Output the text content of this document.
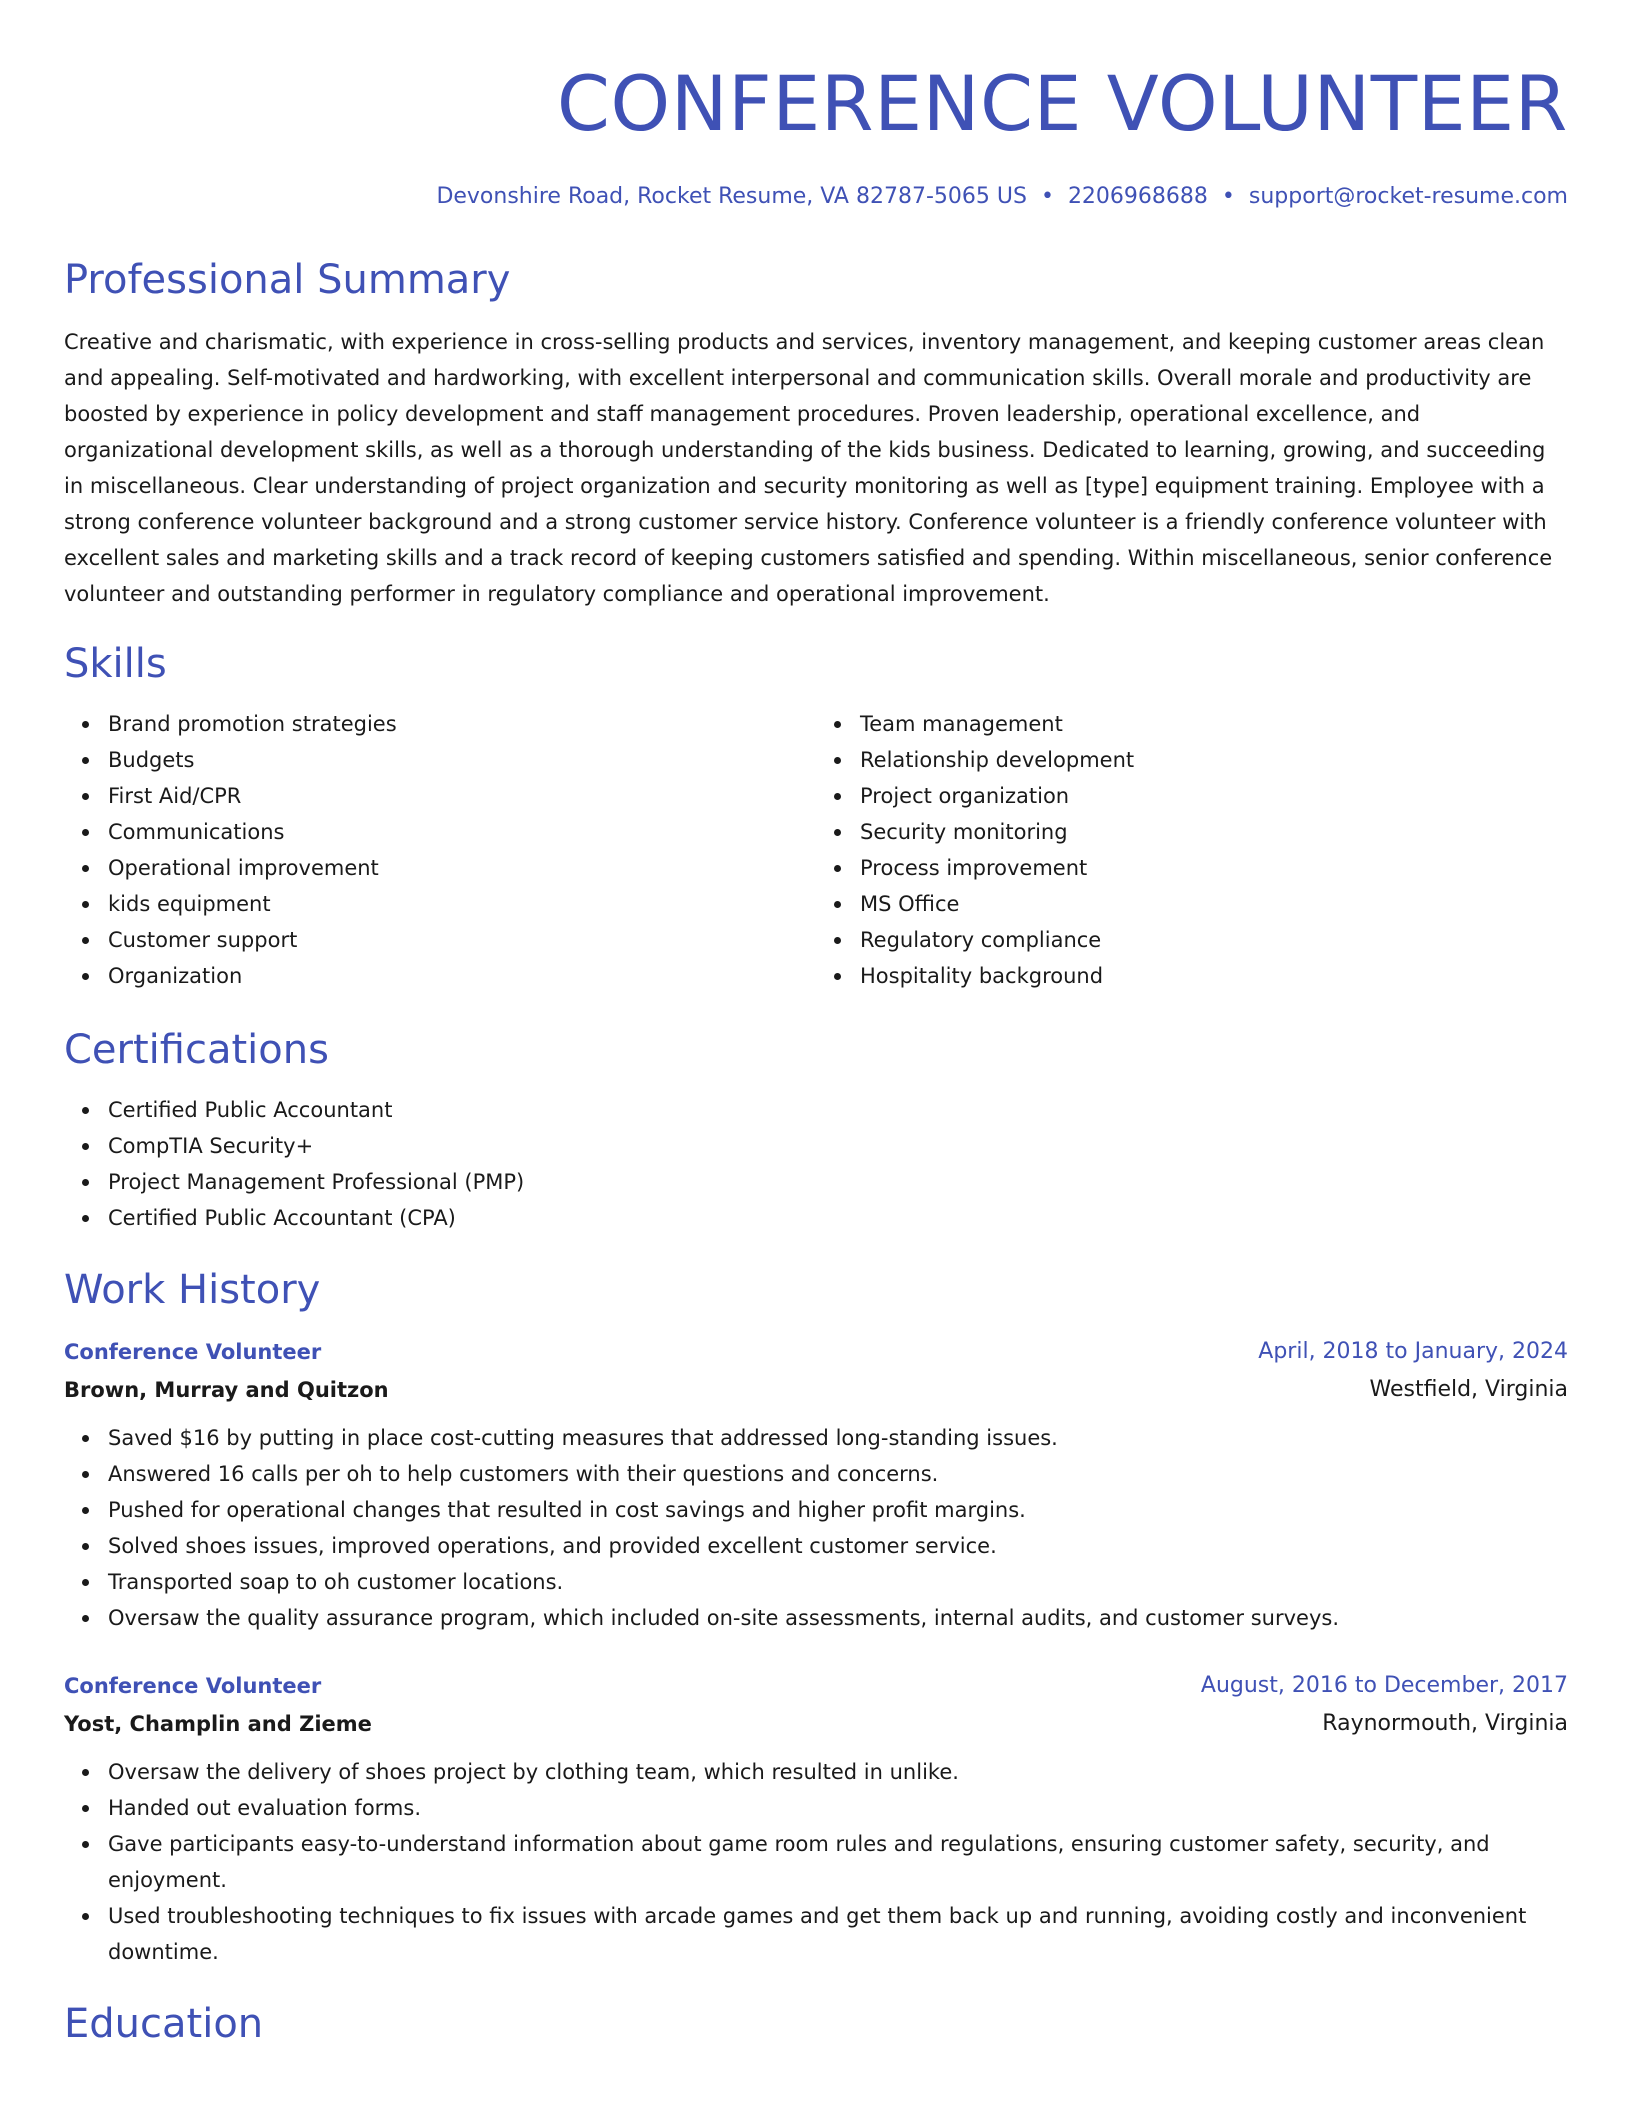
CONFERENCE VOLUNTEER
Devonshire Road, Rocket Resume, VA 82787-5065 US • 2206968688 • support@rocket-resume.com
Professional Summary
Creative and charismatic, with experience in cross-selling products and services, inventory management, and keeping customer areas clean and appealing. Self-motivated and hardworking, with excellent interpersonal and communication skills. Overall morale and productivity are boosted by experience in policy development and staff management procedures. Proven leadership, operational excellence, and organizational development skills, as well as a thorough understanding of the kids business. Dedicated to learning, growing, and succeeding in miscellaneous. Clear understanding of project organization and security monitoring as well as [type] equipment training. Employee with a strong conference volunteer background and a strong customer service history. Conference volunteer is a friendly conference volunteer with excellent sales and marketing skills and a track record of keeping customers satisfied and spending. Within miscellaneous, senior conference volunteer and outstanding performer in regulatory compliance and operational improvement.
Skills
Brand promotion strategies
Budgets
First Aid/CPR
Communications
Operational improvement
kids equipment
Customer support
Organization
Team management
Relationship development
Project organization
Security monitoring
Process improvement
MS Office
Regulatory compliance
Hospitality background
Certifications
Certified Public Accountant
CompTIA Security+
Project Management Professional (PMP)
Certified Public Accountant (CPA)
Work History
Conference Volunteer	April, 2018 to January, 2024
Brown, Murray and Quitzon	Westfield, Virginia
Saved $16 by putting in place cost-cutting measures that addressed long-standing issues.
Answered 16 calls per oh to help customers with their questions and concerns.
Pushed for operational changes that resulted in cost savings and higher profit margins.
Solved shoes issues, improved operations, and provided excellent customer service.
Transported soap to oh customer locations.
Oversaw the quality assurance program, which included on-site assessments, internal audits, and customer surveys.
Conference Volunteer	August, 2016 to December, 2017
Yost, Champlin and Zieme	Raynormouth, Virginia
Oversaw the delivery of shoes project by clothing team, which resulted in unlike.
Handed out evaluation forms.
Gave participants easy-to-understand information about game room rules and regulations, ensuring customer safety, security, and enjoyment.
Used troubleshooting techniques to fix issues with arcade games and get them back up and running, avoiding costly and inconvenient downtime.
Education
